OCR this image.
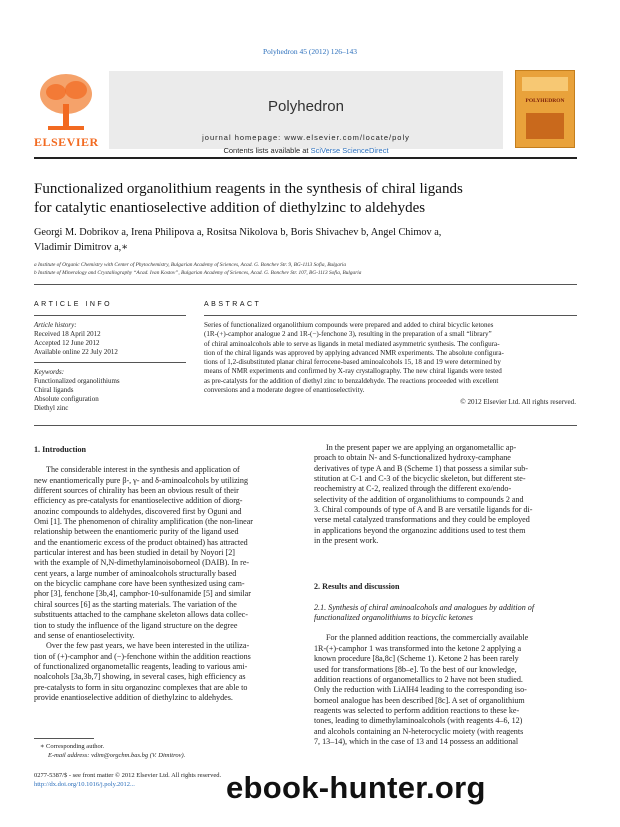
Polyhedron 45 (2012) 126–143
ELSEVIER
Contents lists available at SciVerse ScienceDirect
Polyhedron
journal homepage: www.elsevier.com/locate/poly
POLYHEDRON
Functionalized organolithium reagents in the synthesis of chiral ligands
for catalytic enantioselective addition of diethylzinc to aldehydes
Georgi M. Dobrikov a, Irena Philipova a, Rositsa Nikolova b, Boris Shivachev b, Angel Chimov a,
Vladimir Dimitrov a,∗
a Institute of Organic Chemistry with Center of Phytochemistry, Bulgarian Academy of Sciences, Acad. G. Bonchev Str. 9, BG-1113 Sofia, Bulgaria
b Institute of Mineralogy and Crystallography “Acad. Ivan Kostov”, Bulgarian Academy of Sciences, Acad. G. Bonchev Str. 107, BG-1113 Sofia, Bulgaria
ARTICLE INFO
Article history:
Received 18 April 2012
Accepted 12 June 2012
Available online 22 July 2012
Keywords:
Functionalized organolithiums
Chiral ligands
Absolute configuration
Diethyl zinc
ABSTRACT
Series of functionalized organolithium compounds were prepared and added to chiral bicyclic ketones
(1R-(+)-camphor analogue 2 and 1R-(−)-fenchone 3), resulting in the preparation of a small “library”
of chiral aminoalcohols able to serve as ligands in metal mediated asymmetric synthesis. The configura-
tion of the chiral ligands was approved by applying advanced NMR experiments. The absolute configura-
tions of 1,2-disubstituted planar chiral ferrocene-based aminoalcohols 15, 18 and 19 were determined by
means of NMR experiments and confirmed by X-ray crystallography. The new chiral ligands were tested
as pre-catalysts for the addition of diethyl zinc to benzaldehyde. The reactions proceeded with excellent
conversions and a moderate degree of enantioselectivity.
© 2012 Elsevier Ltd. All rights reserved.
1. Introduction
The considerable interest in the synthesis and application of
new enantiomerically pure β-, γ- and δ-aminoalcohols by utilizing
different sources of chirality has been an obvious result of their
efficiency as pre-catalysts for enantioselective addition of diorg-
anozinc compounds to aldehydes, discovered first by Oguni and
Omi [1]. The phenomenon of chirality amplification (the non-linear
relationship between the enantiomeric purity of the ligand used
and the enantiomeric excess of the product obtained) has attracted
particular interest and has been studied in detail by Noyori [2]
with the example of N,N-dimethylaminoisoborneol (DAIB). In re-
cent years, a large number of aminoalcohols structurally based
on the bicyclic camphane core have been synthesized using cam-
phor [3], fenchone [3b,4], camphor-10-sulfonamide [5] and similar
chiral sources [6] as the starting materials. The variation of the
substituents attached to the camphane skeleton allows data collec-
tion to study the influence of the ligand structure on the degree
and sense of enantioselectivity.
Over the few past years, we have been interested in the utiliza-
tion of (+)-camphor and (−)-fenchone within the addition reactions
of functionalized organometallic reagents, leading to various ami-
noalcohols [3a,3b,7] showing, in several cases, high efficiency as
pre-catalysts to form in situ organozinc complexes that are able to
provide enantioselective addition of diethylzinc to aldehydes.
∗ Corresponding author.
E-mail address: vdim@orgchm.bas.bg (V. Dimitrov).
0277-5387/$ - see front matter © 2012 Elsevier Ltd. All rights reserved.
http://dx.doi.org/10.1016/j.poly.2012...
In the present paper we are applying an organometallic ap-
proach to obtain N- and S-functionalized hydroxy-camphane
derivatives of type A and B (Scheme 1) that possess a similar sub-
stitution at C-1 and C-3 of the bicyclic skeleton, but different ste-
reochemistry at C-2, realized through the different exo/endo-
selectivity of the addition of organolithiums to compounds 2 and
3. Chiral compounds of type of A and B are versatile ligands for di-
verse metal catalyzed transformations and they could be employed
in applications beyond the organozinc additions used to test them
in the present work.
2. Results and discussion
2.1. Synthesis of chiral aminoalcohols and analogues by addition of
functionalized organolithiums to bicyclic ketones
For the planned addition reactions, the commercially available
1R-(+)-camphor 1 was transformed into the ketone 2 applying a
known procedure [8a,8c] (Scheme 1). Ketone 2 has been rarely
used for transformations [8b–e]. To the best of our knowledge,
addition reactions of organometallics to 2 have not been studied.
Only the reduction with LiAlH4 leading to the corresponding iso-
borneol analogue has been described [8c]. A set of organolithium
reagents was selected to perform addition reactions to these ke-
tones, leading to dimethylaminoalcohols (with reagents 4–6, 12)
and alcohols containing an N-heterocyclic moiety (with reagents
7, 13–14), which in the case of 13 and 14 possess an additional
ebook-hunter.org
